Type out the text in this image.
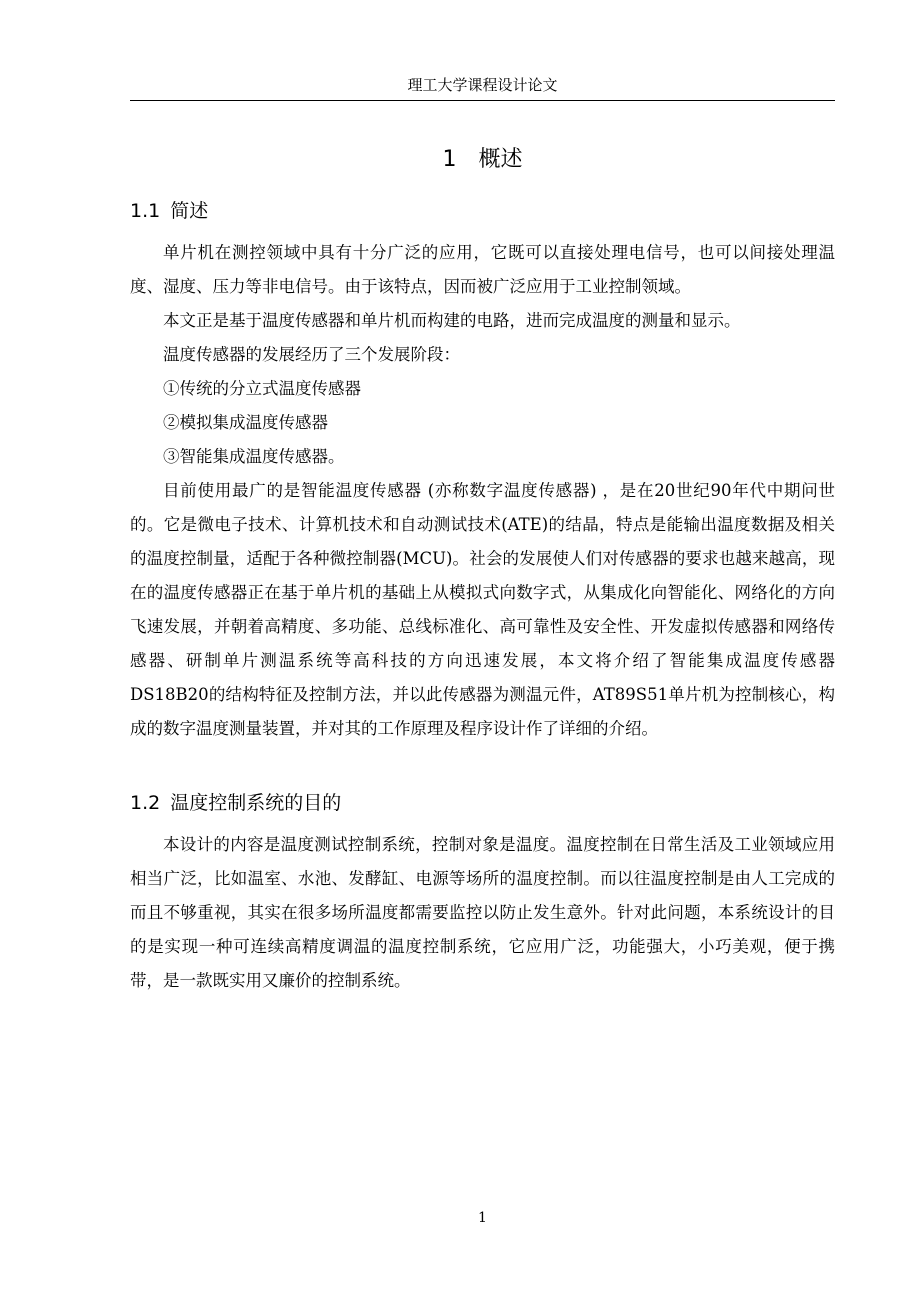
理工大学课程设计论文
1 概述
1.1 简述

单片机在测控领域中具有十分广泛的应用，它既可以直接处理电信号，也可以间接处理温度、湿度、压力等非电信号。由于该特点，因而被广泛应用于工业控制领域。

本文正是基于温度传感器和单片机而构建的电路，进而完成温度的测量和显示。

温度传感器的发展经历了三个发展阶段：

①传统的分立式温度传感器

②模拟集成温度传感器

③智能集成温度传感器。

目前使用最广的是智能温度传感器 (亦称数字温度传感器) ，是在20世纪90年代中期问世的。它是微电子技术、计算机技术和自动测试技术(ATE)的结晶，特点是能输出温度数据及相关的温度控制量，适配于各种微控制器(MCU)。社会的发展使人们对传感器的要求也越来越高，现在的温度传感器正在基于单片机的基础上从模拟式向数字式，从集成化向智能化、网络化的方向飞速发展，并朝着高精度、多功能、总线标准化、高可靠性及安全性、开发虚拟传感器和网络传感器、研制单片测温系统等高科技的方向迅速发展，本文将介绍了智能集成温度传感器DS18B20的结构特征及控制方法，并以此传感器为测温元件，AT89S51单片机为控制核心，构成的数字温度测量装置，并对其的工作原理及程序设计作了详细的介绍。

1.2 温度控制系统的目的

本设计的内容是温度测试控制系统，控制对象是温度。温度控制在日常生活及工业领域应用相当广泛，比如温室、水池、发酵缸、电源等场所的温度控制。而以往温度控制是由人工完成的而且不够重视，其实在很多场所温度都需要监控以防止发生意外。针对此问题，本系统设计的目的是实现一种可连续高精度调温的温度控制系统，它应用广泛，功能强大，小巧美观，便于携带，是一款既实用又廉价的控制系统。

1
